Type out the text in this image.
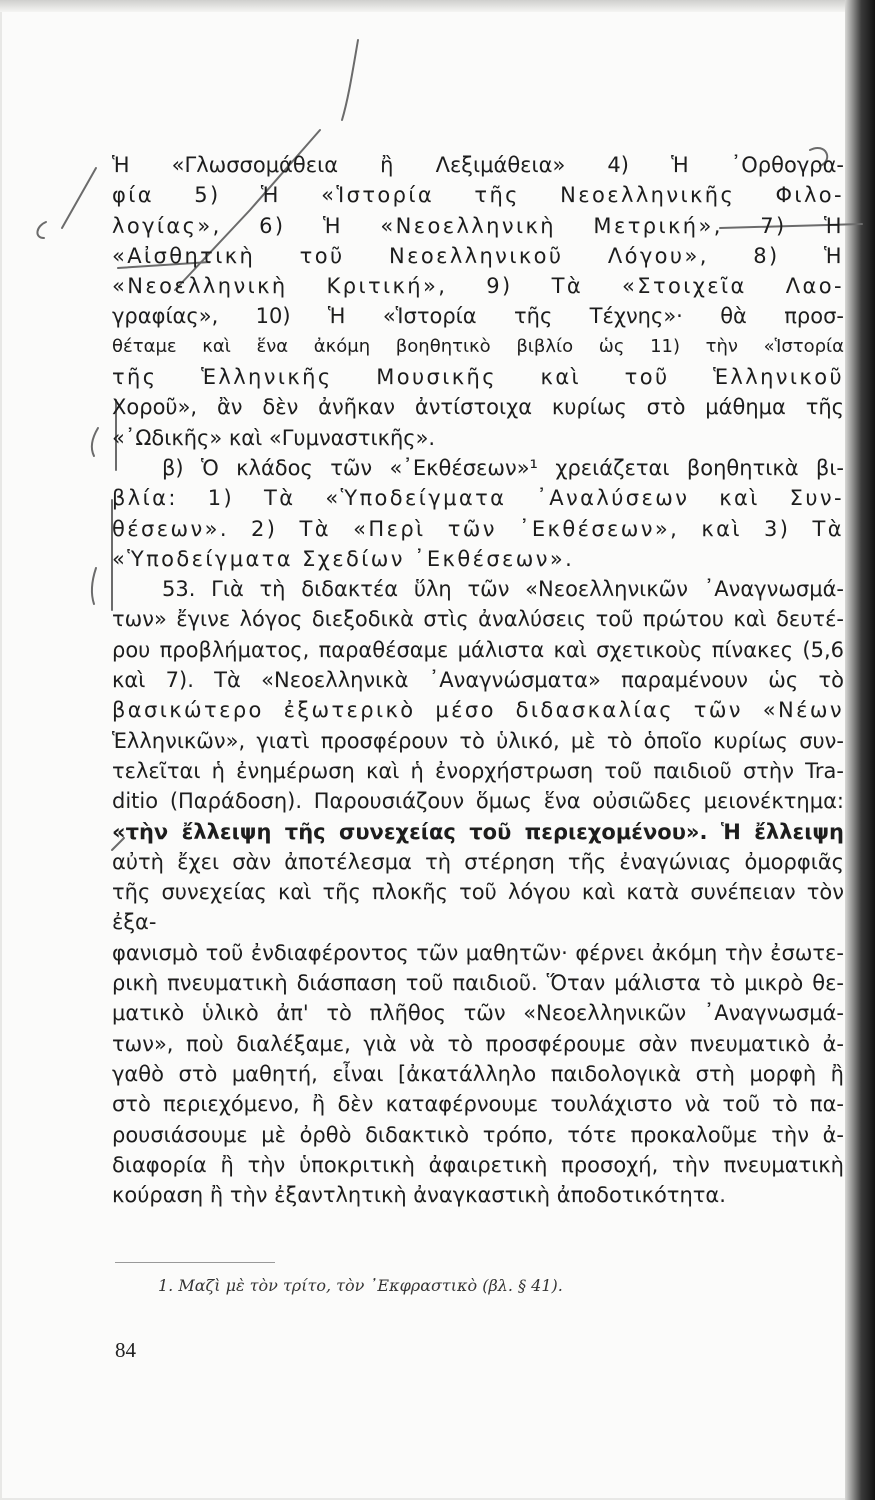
Ἡ «Γλωσσομάθεια ἢ Λεξιμάθεια» 4) Ἡ ᾿Ορθογρα-

φία 5) Ἡ «Ἱστορία τῆς Νεοελληνικῆς Φιλο-

λογίας», 6) Ἡ «Νεοελληνικὴ Μετρική», 7) Ἡ

«Αἰσθητικὴ τοῦ Νεοελληνικοῦ Λόγου», 8) Ἡ

«Νεοελληνικὴ Κριτική», 9) Τὰ «Στοιχεῖα Λαο-

γραφίας», 10) Ἡ «Ἱστορία τῆς Τέχνης»· θὰ προσ-

θέταμε καὶ ἕνα ἀκόμη βοηθητικὸ βιβλίο ὡς 11) τὴν «Ἱστορία

τῆς Ἑλληνικῆς Μουσικῆς καὶ τοῦ Ἑλληνικοῦ

Χοροῦ», ἂν δὲν ἀνῆκαν ἀντίστοιχα κυρίως στὸ μάθημα τῆς

«᾿Ωδικῆς» καὶ «Γυμναστικῆς».

β) Ὁ κλάδος τῶν «᾿Εκθέσεων»¹ χρειάζεται βοηθητικὰ βι-

βλία: 1) Τὰ «Ὑποδείγματα ᾿Αναλύσεων καὶ Συν-

θέσεων». 2) Τὰ «Περὶ τῶν ᾿Εκθέσεων», καὶ 3) Τὰ

«Ὑποδείγματα Σχεδίων ᾿Εκθέσεων».

53. Γιὰ τὴ διδακτέα ὕλη τῶν «Νεοελληνικῶν ᾿Αναγνωσμά-

των» ἔγινε λόγος διεξοδικὰ στὶς ἀναλύσεις τοῦ πρώτου καὶ δευτέ-

ρου προβλήματος, παραθέσαμε μάλιστα καὶ σχετικοὺς πίνακες (5,6

καὶ 7). Τὰ «Νεοελληνικὰ ᾿Αναγνώσματα» παραμένουν ὡς τὸ

βασικώτερο ἐξωτερικὸ μέσο διδασκαλίας τῶν «Νέων

Ἑλληνικῶν», γιατὶ προσφέρουν τὸ ὑλικό, μὲ τὸ ὁποῖο κυρίως συν-

τελεῖται ἡ ἐνημέρωση καὶ ἡ ἐνορχήστρωση τοῦ παιδιοῦ στὴν Tra-

ditio (Παράδοση). Παρουσιάζουν ὅμως ἕνα οὐσιῶδες μειονέκτημα:

«τὴν ἔλλειψη τῆς συνεχείας τοῦ περιεχομένου». Ἡ ἔλλειψη

αὐτὴ ἔχει σὰν ἀποτέλεσμα τὴ στέρηση τῆς ἐναγώνιας ὀμορφιᾶς

τῆς συνεχείας καὶ τῆς πλοκῆς τοῦ λόγου καὶ κατὰ συνέπειαν τὸν ἐξα-

φανισμὸ τοῦ ἐνδιαφέροντος τῶν μαθητῶν· φέρνει ἀκόμη τὴν ἐσωτε-

ρικὴ πνευματικὴ διάσπαση τοῦ παιδιοῦ. Ὅταν μάλιστα τὸ μικρὸ θε-

ματικὸ ὑλικὸ ἀπ' τὸ πλῆθος τῶν «Νεοελληνικῶν ᾿Αναγνωσμά-

των», ποὺ διαλέξαμε, γιὰ νὰ τὸ προσφέρουμε σὰν πνευματικὸ ἀ-

γαθὸ στὸ μαθητή, εἶναι [ἀκατάλληλο παιδολογικὰ στὴ μορφὴ ἢ

στὸ περιεχόμενο, ἢ δὲν καταφέρνουμε τουλάχιστο νὰ τοῦ τὸ πα-

ρουσιάσουμε μὲ ὀρθὸ διδακτικὸ τρόπο, τότε προκαλοῦμε τὴν ἀ-

διαφορία ἢ τὴν ὑποκριτικὴ ἀφαιρετικὴ προσοχή, τὴν πνευματικὴ

κούραση ἢ τὴν ἐξαντλητικὴ ἀναγκαστικὴ ἀποδοτικότητα.

1. Μαζὶ μὲ τὸν τρίτο, τὸν ᾿Εκφραστικὸ (βλ. § 41).
84
